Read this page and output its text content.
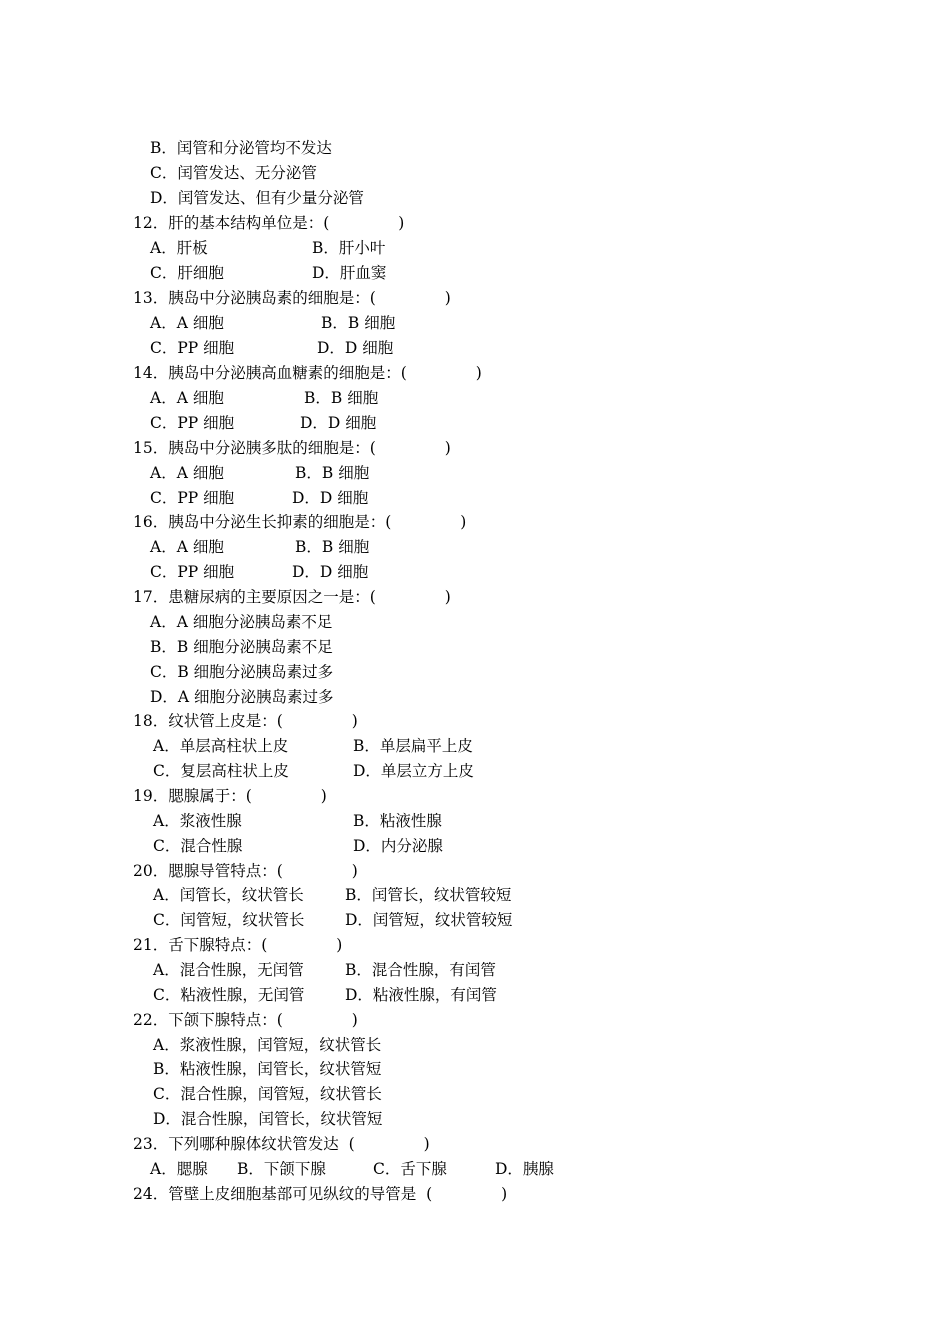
B．闰管和分泌管均不发达
C．闰管发达、无分泌管
D．闰管发达、但有少量分泌管
12．肝的基本结构单位是：(              )
A．肝板	B．肝小叶
C．肝细胞	D．肝血窦
13．胰岛中分泌胰岛素的细胞是：(              )
A．A 细胞	B．B 细胞
C．PP 细胞	D．D 细胞
14．胰岛中分泌胰高血糖素的细胞是：(              )
A．A 细胞	B．B 细胞
C．PP 细胞	D．D 细胞
15．胰岛中分泌胰多肽的细胞是：(              )
A．A 细胞	B．B 细胞
C．PP 细胞	D．D 细胞
16．胰岛中分泌生长抑素的细胞是：(              )
A．A 细胞	B．B 细胞
C．PP 细胞	D．D 细胞
17．患糖尿病的主要原因之一是：(              )
A．A 细胞分泌胰岛素不足
B．B 细胞分泌胰岛素不足
C．B 细胞分泌胰岛素过多
D．A 细胞分泌胰岛素过多
18．纹状管上皮是：(              )
A．单层高柱状上皮	B．单层扁平上皮
C．复层高柱状上皮	D．单层立方上皮
19．腮腺属于：(              )
A．浆液性腺	B．粘液性腺
C．混合性腺	D．内分泌腺
20．腮腺导管特点：(              )
A．闰管长，纹状管长	B．闰管长，纹状管较短
C．闰管短，纹状管长	D．闰管短，纹状管较短
21．舌下腺特点：(              )
A．混合性腺，无闰管	B．混合性腺，有闰管
C．粘液性腺，无闰管	D．粘液性腺，有闰管
22．下颌下腺特点：(              )
A．浆液性腺，闰管短，纹状管长
B．粘液性腺，闰管长，纹状管短
C．混合性腺，闰管短，纹状管长
D．混合性腺，闰管长，纹状管短
23．下列哪种腺体纹状管发达  (              )
A．腮腺 B．下颌下腺	C．舌下腺	D．胰腺
24．管壁上皮细胞基部可见纵纹的导管是  (              )
